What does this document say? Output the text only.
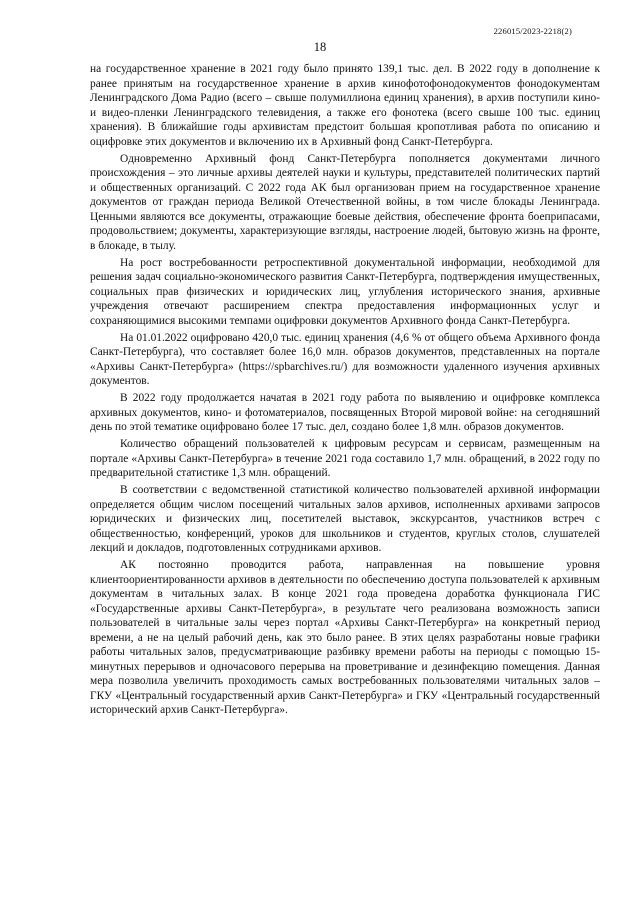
226015/2023-2218(2)
18

на государственное хранение в 2021 году было принято 139,1 тыс. дел. В 2022 году в дополнение к ранее принятым на государственное хранение в архив кинофотофонодокументов фонодокументам Ленинградского Дома Радио (всего – свыше полумиллиона единиц хранения), в архив поступили кино- и видео-пленки Ленинградского телевидения, а также его фонотека (всего свыше 100 тыс. единиц хранения). В ближайшие годы архивистам предстоит большая кропотливая работа по описанию и оцифровке этих документов и включению их в Архивный фонд Санкт-Петербурга.

Одновременно Архивный фонд Санкт-Петербурга пополняется документами личного происхождения – это личные архивы деятелей науки и культуры, представителей политических партий и общественных организаций. С 2022 года АК был организован прием на государственное хранение документов от граждан периода Великой Отечественной войны, в том числе блокады Ленинграда. Ценными являются все документы, отражающие боевые действия, обеспечение фронта боеприпасами, продовольствием; документы, характеризующие взгляды, настроение людей, бытовую жизнь на фронте, в блокаде, в тылу.

На рост востребованности ретроспективной документальной информации, необходимой для решения задач социально-экономического развития Санкт-Петербурга, подтверждения имущественных, социальных прав физических и юридических лиц, углубления исторического знания, архивные учреждения отвечают расширением спектра предоставления информационных услуг и сохраняющимися высокими темпами оцифровки документов Архивного фонда Санкт-Петербурга.

На 01.01.2022 оцифровано 420,0 тыс. единиц хранения (4,6 % от общего объема Архивного фонда Санкт-Петербурга), что составляет более 16,0 млн. образов документов, представленных на портале «Архивы Санкт-Петербурга» (https://spbarchives.ru/) для возможности удаленного изучения архивных документов.

В 2022 году продолжается начатая в 2021 году работа по выявлению и оцифровке комплекса архивных документов, кино- и фотоматериалов, посвященных Второй мировой войне: на сегодняшний день по этой тематике оцифровано более 17 тыс. дел, создано более 1,8 млн. образов документов.

Количество обращений пользователей к цифровым ресурсам и сервисам, размещенным на портале «Архивы Санкт-Петербурга» в течение 2021 года составило 1,7 млн. обращений, в 2022 году по предварительной статистике 1,3 млн. обращений.

В соответствии с ведомственной статистикой количество пользователей архивной информации определяется общим числом посещений читальных залов архивов, исполненных архивами запросов юридических и физических лиц, посетителей выставок, экскурсантов, участников встреч с общественностью, конференций, уроков для школьников и студентов, круглых столов, слушателей лекций и докладов, подготовленных сотрудниками архивов.

АК постоянно проводится работа, направленная на повышение уровня клиентоориентированности архивов в деятельности по обеспечению доступа пользователей к архивным документам в читальных залах. В конце 2021 года проведена доработка функционала ГИС «Государственные архивы Санкт-Петербурга», в результате чего реализована возможность записи пользователей в читальные залы через портал «Архивы Санкт-Петербурга» на конкретный период времени, а не на целый рабочий день, как это было ранее. В этих целях разработаны новые графики работы читальных залов, предусматривающие разбивку времени работы на периоды с помощью 15-минутных перерывов и одночасового перерыва на проветривание и дезинфекцию помещения. Данная мера позволила увеличить проходимость самых востребованных пользователями читальных залов – ГКУ «Центральный государственный архив Санкт-Петербурга» и ГКУ «Центральный государственный исторический архив Санкт-Петербурга».
